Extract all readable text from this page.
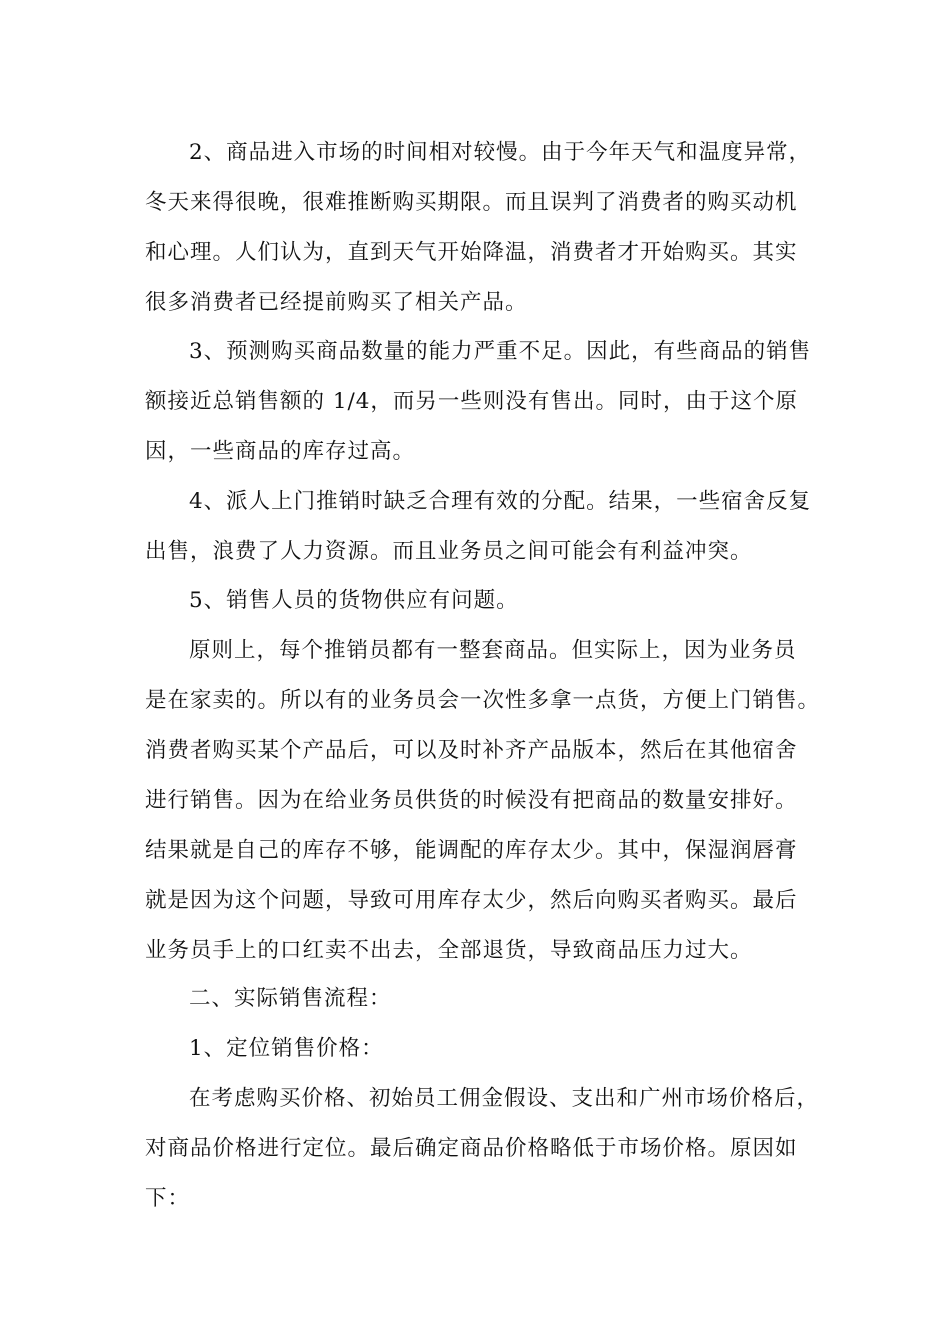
2、商品进入市场的时间相对较慢。由于今年天气和温度异常，
冬天来得很晚，很难推断购买期限。而且误判了消费者的购买动机
和心理。人们认为，直到天气开始降温，消费者才开始购买。其实
很多消费者已经提前购买了相关产品。

3、预测购买商品数量的能力严重不足。因此，有些商品的销售
额接近总销售额的 1/4，而另一些则没有售出。同时，由于这个原
因，一些商品的库存过高。

4、派人上门推销时缺乏合理有效的分配。结果，一些宿舍反复
出售，浪费了人力资源。而且业务员之间可能会有利益冲突。

5、销售人员的货物供应有问题。

原则上，每个推销员都有一整套商品。但实际上，因为业务员
是在家卖的。所以有的业务员会一次性多拿一点货，方便上门销售。
消费者购买某个产品后，可以及时补齐产品版本，然后在其他宿舍
进行销售。因为在给业务员供货的时候没有把商品的数量安排好。
结果就是自己的库存不够，能调配的库存太少。其中，保湿润唇膏
就是因为这个问题，导致可用库存太少，然后向购买者购买。最后
业务员手上的口红卖不出去，全部退货，导致商品压力过大。

二、实际销售流程：

1、定位销售价格：

在考虑购买价格、初始员工佣金假设、支出和广州市场价格后，
对商品价格进行定位。最后确定商品价格略低于市场价格。原因如
下：
